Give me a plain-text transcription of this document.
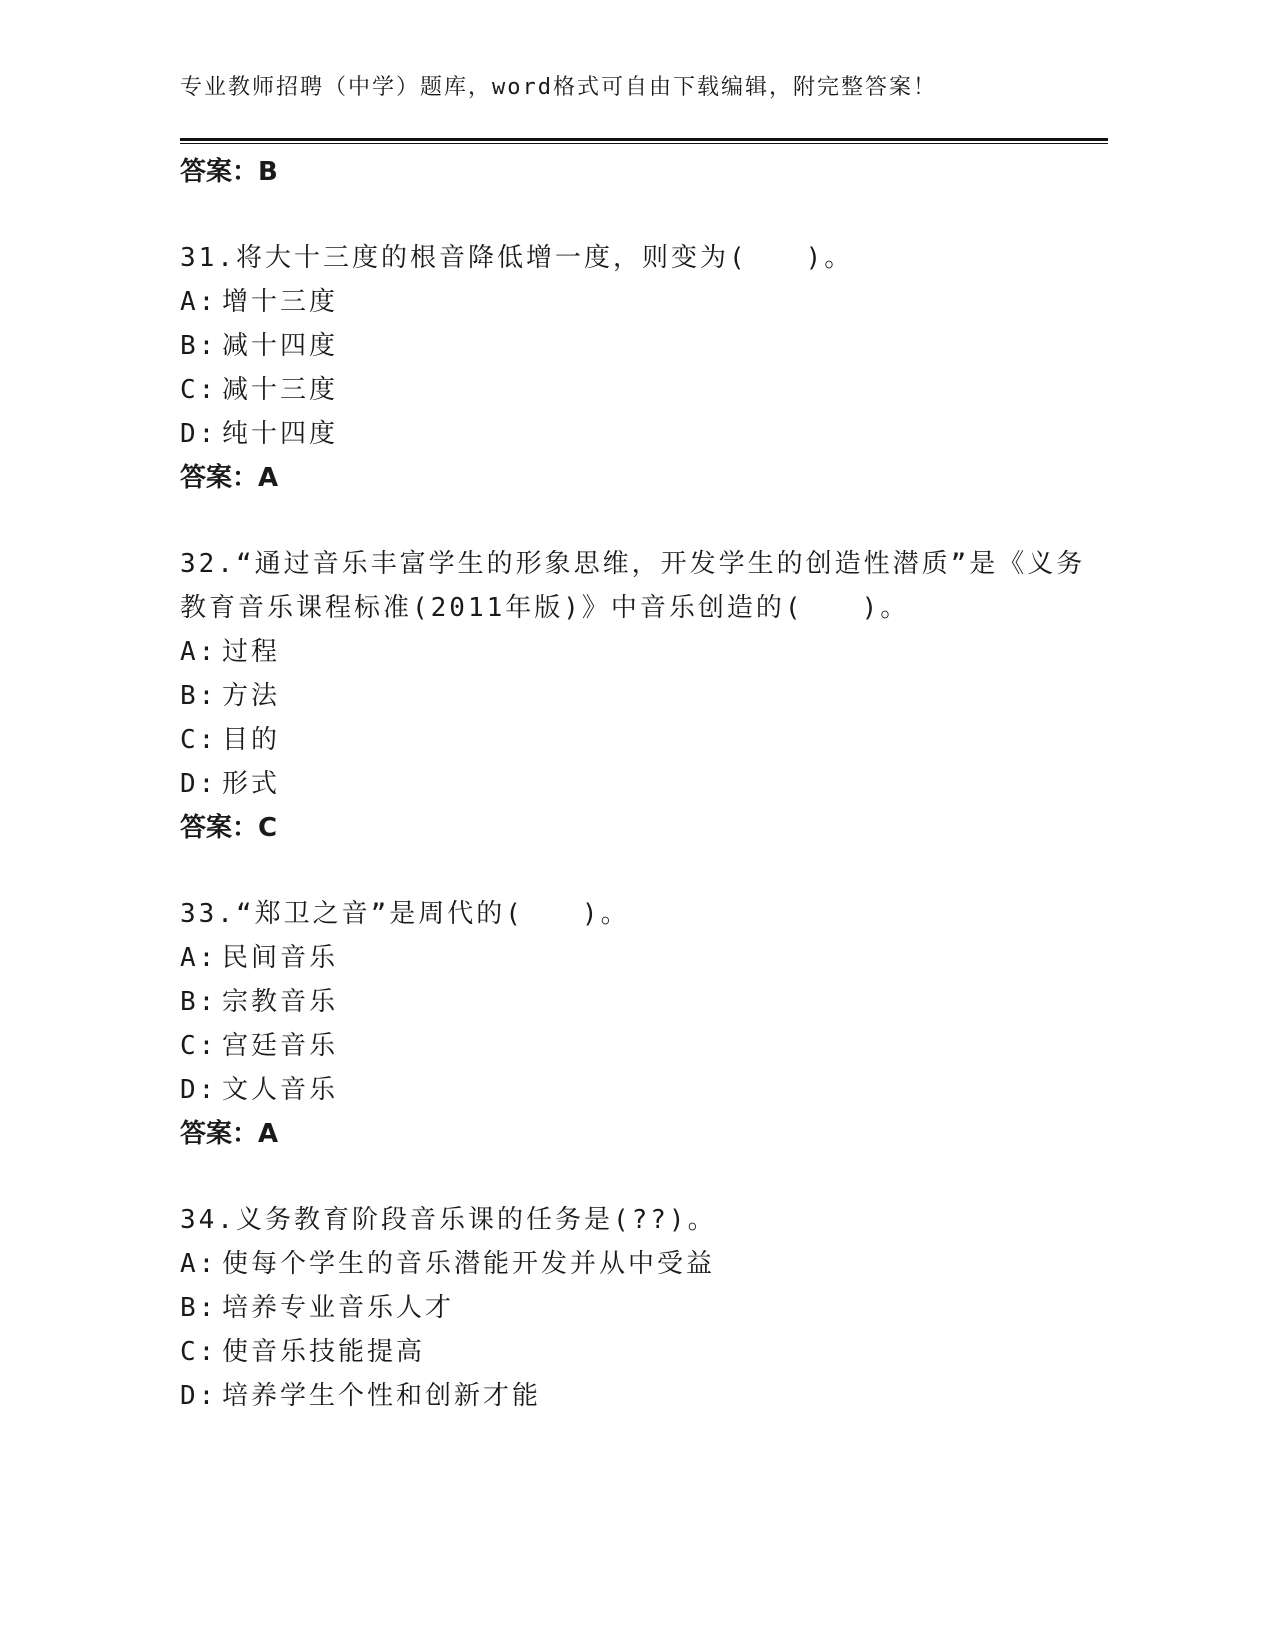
专业教师招聘（中学）题库，word格式可自由下载编辑，附完整答案！
答案：B
31.将大十三度的根音降低增一度，则变为(　　)。
A: 增十三度
B: 减十四度
C: 减十三度
D: 纯十四度
答案：A
32.“通过音乐丰富学生的形象思维，开发学生的创造性潜质”是《义务教育音乐课程标准(2011年版)》中音乐创造的(　　)。
A: 过程
B: 方法
C: 目的
D: 形式
答案：C
33.“郑卫之音”是周代的(　　)。
A: 民间音乐
B: 宗教音乐
C: 宫廷音乐
D: 文人音乐
答案：A
34.义务教育阶段音乐课的任务是(??)。
A: 使每个学生的音乐潜能开发并从中受益
B: 培养专业音乐人才
C: 使音乐技能提高
D: 培养学生个性和创新才能
